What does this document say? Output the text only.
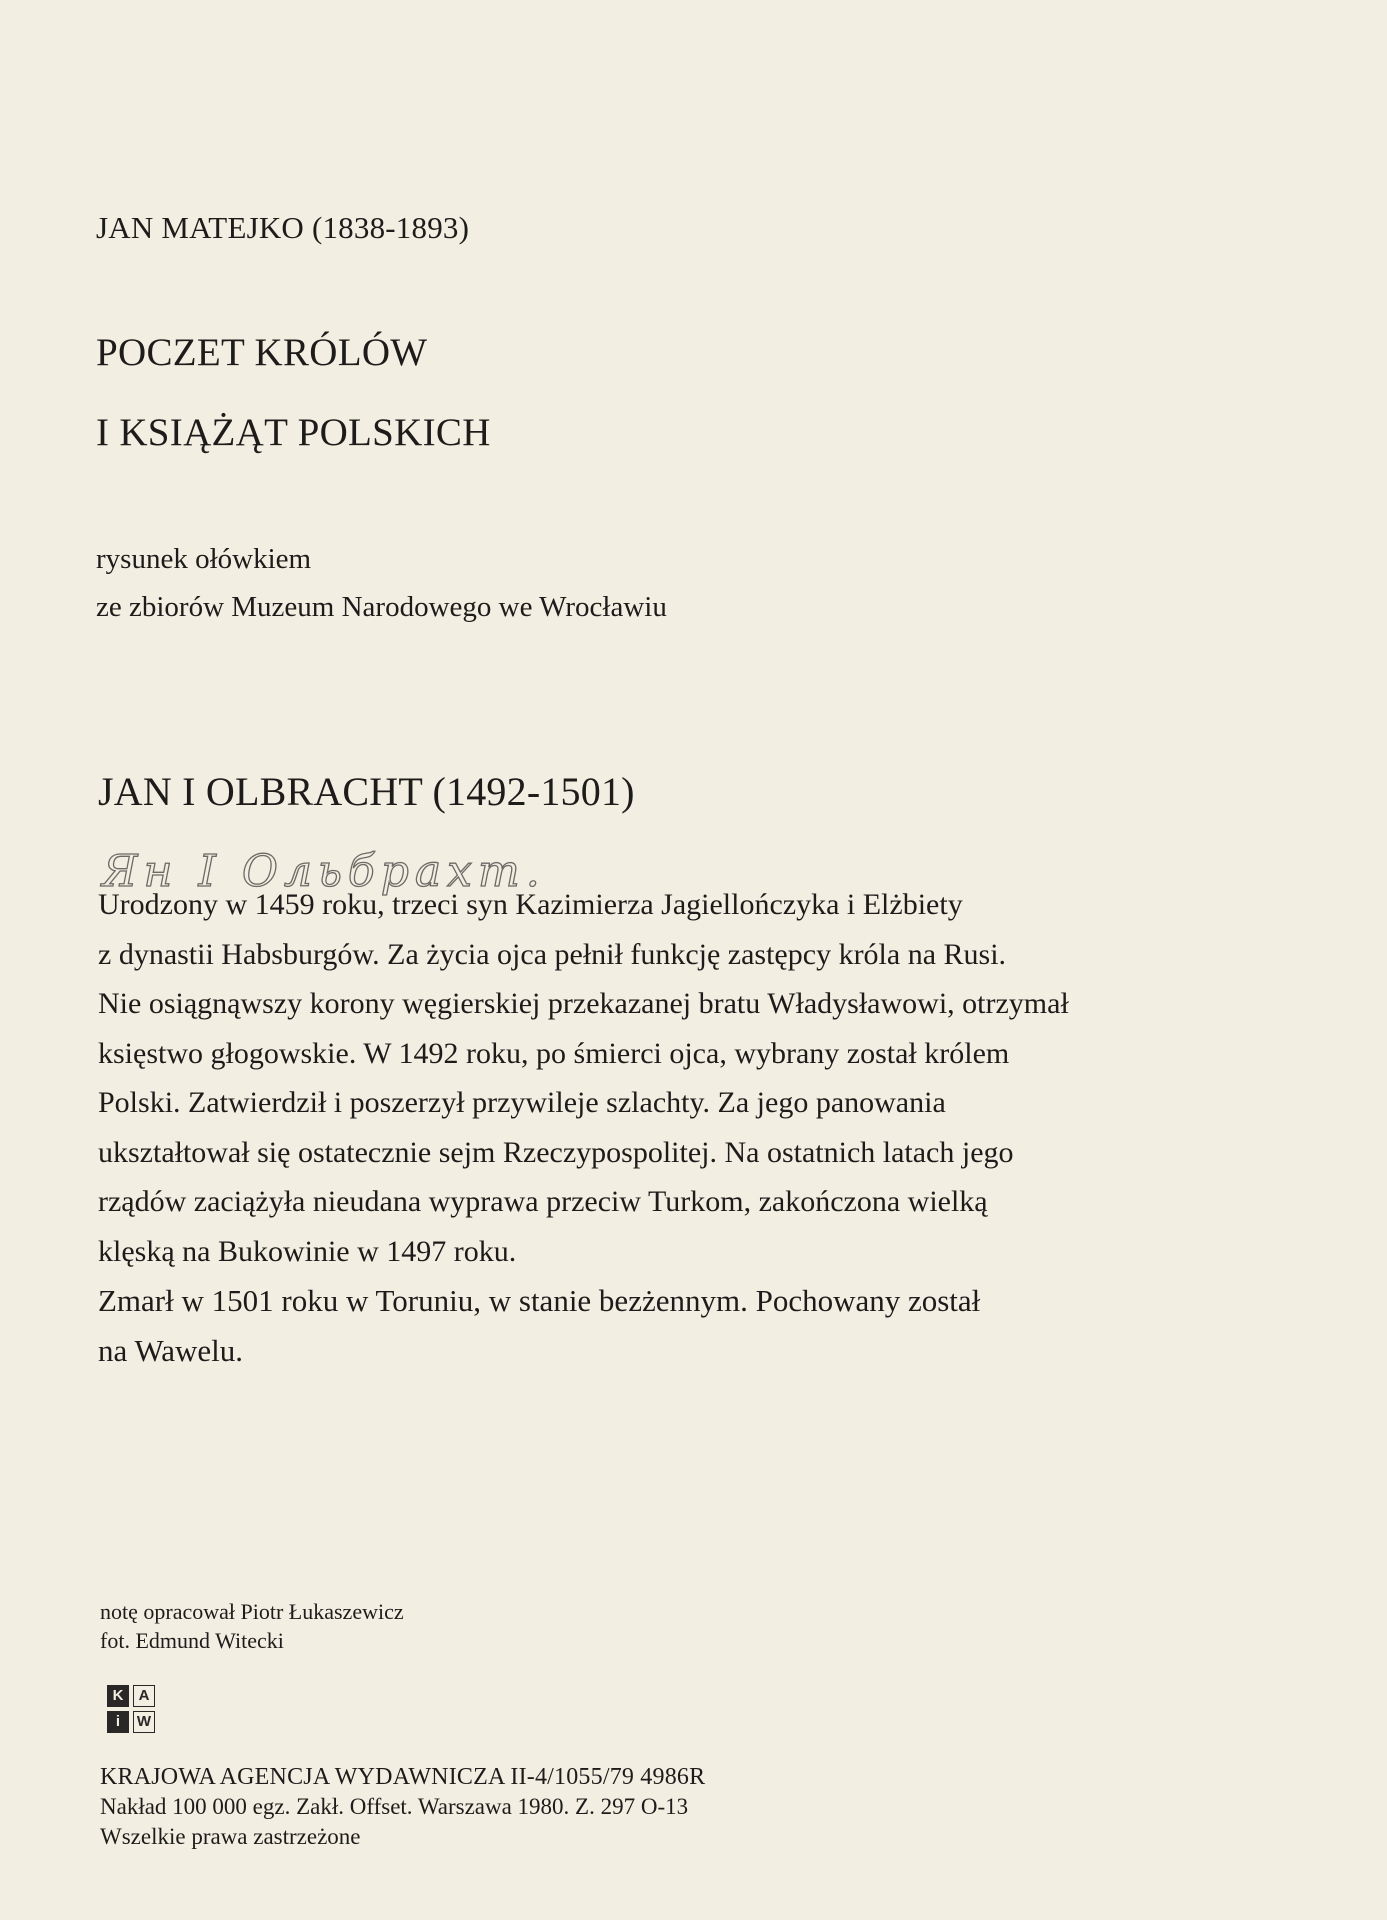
JAN MATEJKO (1838-1893)
POCZET KRÓLÓW
I KSIĄŻĄT POLSKICH
rysunek ołówkiem
ze zbiorów Muzeum Narodowego we Wrocławiu
JAN I OLBRACHT (1492-1501)
Ян I Ольбрахт.
Urodzony w 1459 roku, trzeci syn Kazimierza Jagiellończyka i Elżbiety
z dynastii Habsburgów. Za życia ojca pełnił funkcję zastępcy króla na Rusi.
Nie osiągnąwszy korony węgierskiej przekazanej bratu Władysławowi, otrzymał
księstwo głogowskie. W 1492 roku, po śmierci ojca, wybrany został królem
Polski. Zatwierdził i poszerzył przywileje szlachty. Za jego panowania
ukształtował się ostatecznie sejm Rzeczypospolitej. Na ostatnich latach jego
rządów zaciążyła nieudana wyprawa przeciw Turkom, zakończona wielką
klęską na Bukowinie w 1497 roku.
Zmarł w 1501 roku w Toruniu, w stanie bezżennym. Pochowany został
na Wawelu.
notę opracował Piotr Łukaszewicz
fot. Edmund Witecki
K	A
i	W
KRAJOWA AGENCJA WYDAWNICZA II-4/1055/79 4986R
Nakład 100 000 egz. Zakł. Offset. Warszawa 1980. Z. 297 O-13
Wszelkie prawa zastrzeżone
